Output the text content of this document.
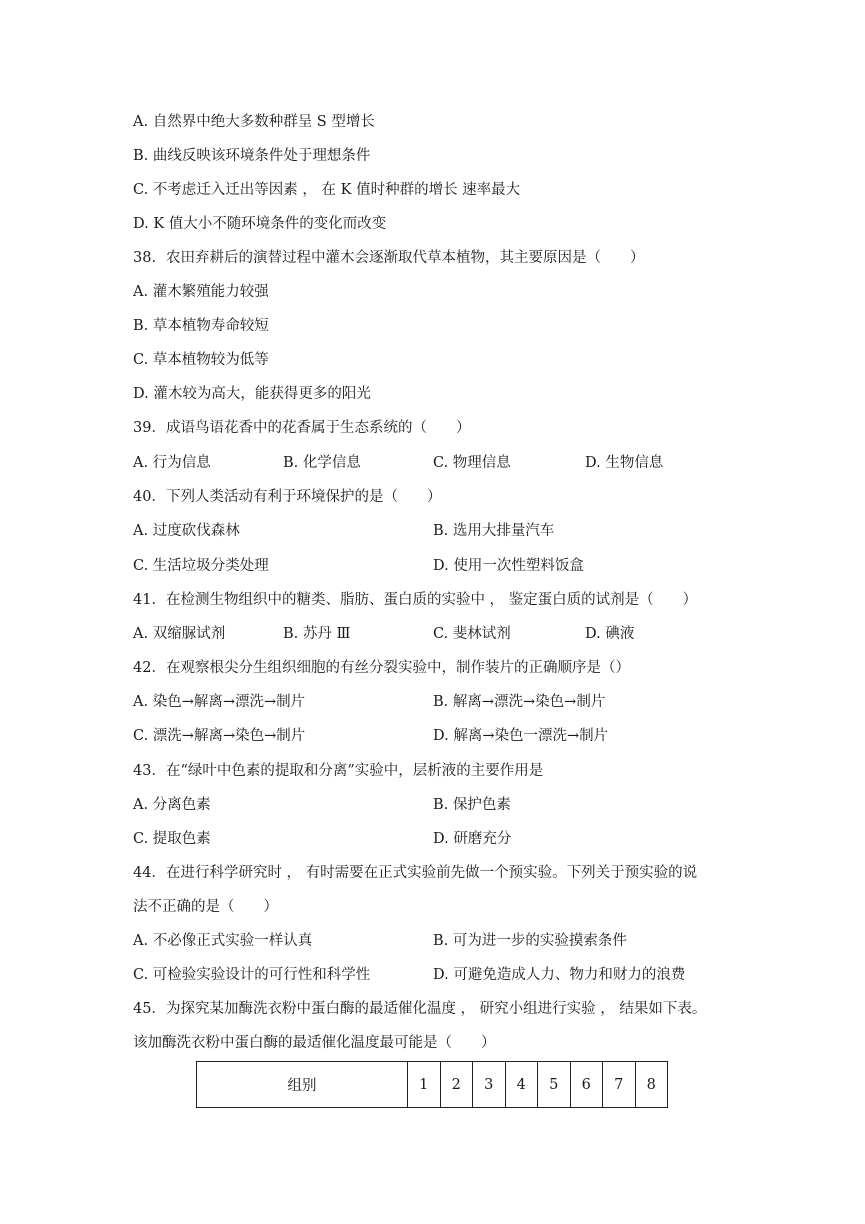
A. 自然界中绝大多数种群呈 S 型增长
B. 曲线反映该环境条件处于理想条件
C. 不考虑迁入迁出等因素 ， 在 K 值时种群的增长 速率最大
D. K 值大小不随环境条件的变化而改变
38．农田弃耕后的演替过程中灌木会逐渐取代草本植物，其主要原因是（　　）
A. 灌木繁殖能力较强
B. 草本植物寿命较短
C. 草本植物较为低等
D. 灌木较为高大，能获得更多的阳光
39．成语鸟语花香中的花香属于生态系统的（　　）
A. 行为信息	B. 化学信息	C. 物理信息	D. 生物信息
40．下列人类活动有利于环境保护的是（　　）
A. 过度砍伐森林	B. 选用大排量汽车
C. 生活垃圾分类处理	D. 使用一次性塑料饭盒
41．在检测生物组织中的糖类、脂肪、蛋白质的实验中 ， 鉴定蛋白质的试剂是（　　）
A. 双缩脲试剂	B. 苏丹 Ⅲ	C. 斐林试剂	D. 碘液
42．在观察根尖分生组织细胞的有丝分裂实验中，制作装片的正确顺序是（）
A. 染色→解离→漂洗→制片	B. 解离→漂洗→染色→制片
C. 漂洗→解离→染色→制片	D. 解离→染色一漂洗→制片
43．在“绿叶中色素的提取和分离”实验中，层析液的主要作用是
A. 分离色素	B. 保护色素
C. 提取色素	D. 研磨充分
44．在进行科学研究时 ， 有时需要在正式实验前先做一个预实验。下列关于预实验的说
法不正确的是（　　）
A. 不必像正式实验一样认真	B. 可为进一步的实验摸索条件
C. 可检验实验设计的可行性和科学性	D. 可避免造成人力、物力和财力的浪费
45．为探究某加酶洗衣粉中蛋白酶的最适催化温度 ， 研究小组进行实验 ， 结果如下表。
该加酶洗衣粉中蛋白酶的最适催化温度最可能是（　　）
组别	1	2	3	4	5	6	7	8
